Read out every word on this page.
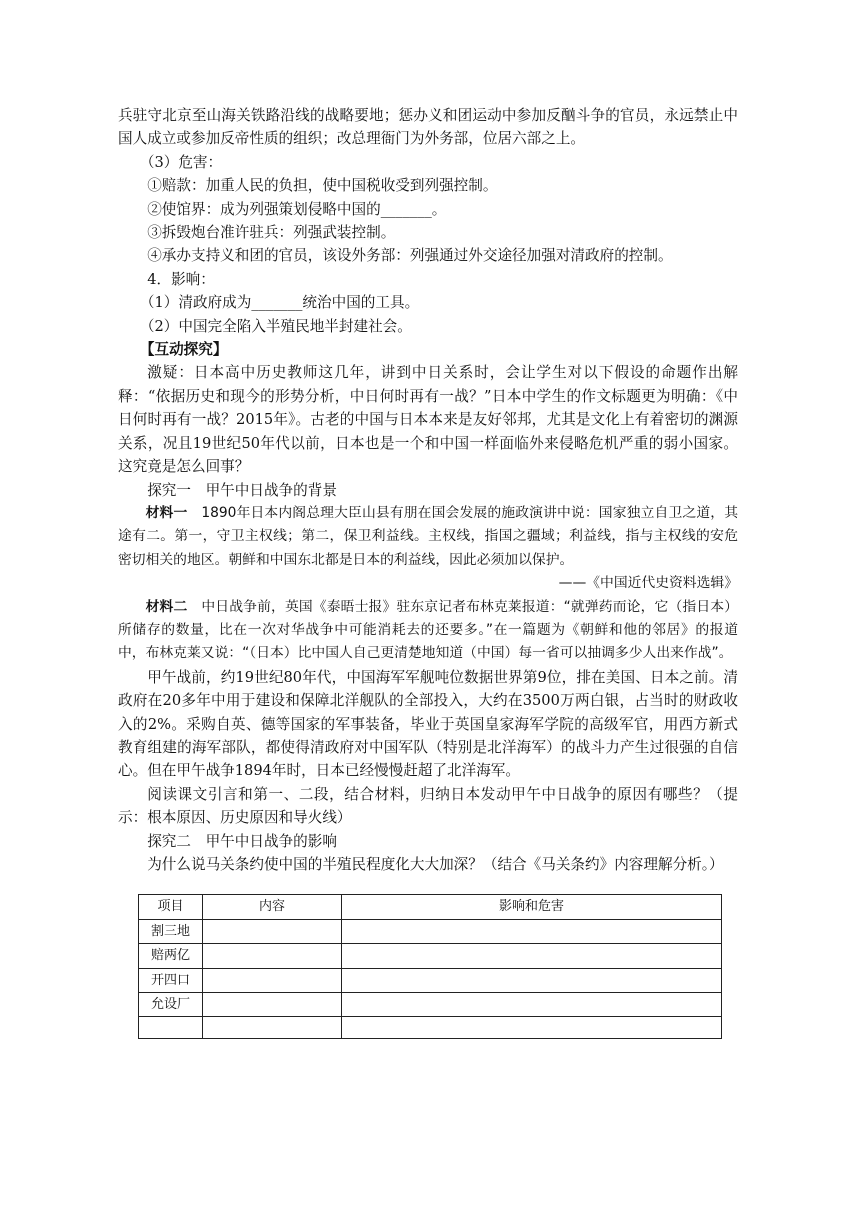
兵驻守北京至山海关铁路沿线的战略要地；惩办义和团运动中参加反酗斗争的官员，永远禁止中国人成立或参加反帝性质的组织；改总理衙门为外务部，位居六部之上。

（3）危害：

①赔款：加重人民的负担，使中国税收受到列强控制。

②使馆界：成为列强策划侵略中国的_______。

③拆毁炮台准许驻兵：列强武装控制。

④承办支持义和团的官员，该设外务部：列强通过外交途径加强对清政府的控制。

4．影响：

（1）清政府成为_______统治中国的工具。

（2）中国完全陷入半殖民地半封建社会。

【互动探究】

激疑：日本高中历史教师这几年，讲到中日关系时，会让学生对以下假设的命题作出解释：“依据历史和现今的形势分析，中日何时再有一战？”日本中学生的作文标题更为明确：《中日何时再有一战？2015年》。古老的中国与日本本来是友好邻邦，尤其是文化上有着密切的渊源关系，况且19世纪50年代以前，日本也是一个和中国一样面临外来侵略危机严重的弱小国家。这究竟是怎么回事？

探究一　甲午中日战争的背景

材料一　1890年日本内阁总理大臣山县有朋在国会发展的施政演讲中说：国家独立自卫之道，其途有二。第一，守卫主权线；第二，保卫利益线。主权线，指国之疆域；利益线，指与主权线的安危密切相关的地区。朝鲜和中国东北都是日本的利益线，因此必须加以保护。

——《中国近代史资料选辑》

材料二　中日战争前，英国《泰晤士报》驻东京记者布林克莱报道：“就弹药而论，它（指日本）所储存的数量，比在一次对华战争中可能消耗去的还要多。”在一篇题为《朝鲜和他的邻居》的报道中，布林克莱又说：“（日本）比中国人自己更清楚地知道（中国）每一省可以抽调多少人出来作战”。

甲午战前，约19世纪80年代，中国海军军舰吨位数据世界第9位，排在美国、日本之前。清政府在20多年中用于建设和保障北洋舰队的全部投入，大约在3500万两白银，占当时的财政收入的2%。采购自英、德等国家的军事装备，毕业于英国皇家海军学院的高级军官，用西方新式教育组建的海军部队，都使得清政府对中国军队（特别是北洋海军）的战斗力产生过很强的自信心。但在甲午战争1894年时，日本已经慢慢赶超了北洋海军。

阅读课文引言和第一、二段，结合材料，归纳日本发动甲午中日战争的原因有哪些？（提示：根本原因、历史原因和导火线）

探究二　甲午中日战争的影响

为什么说马关条约使中国的半殖民程度化大大加深？（结合《马关条约》内容理解分析。）

项目	内容	影响和危害
割三地		
赔两亿		
开四口		
允设厂		
